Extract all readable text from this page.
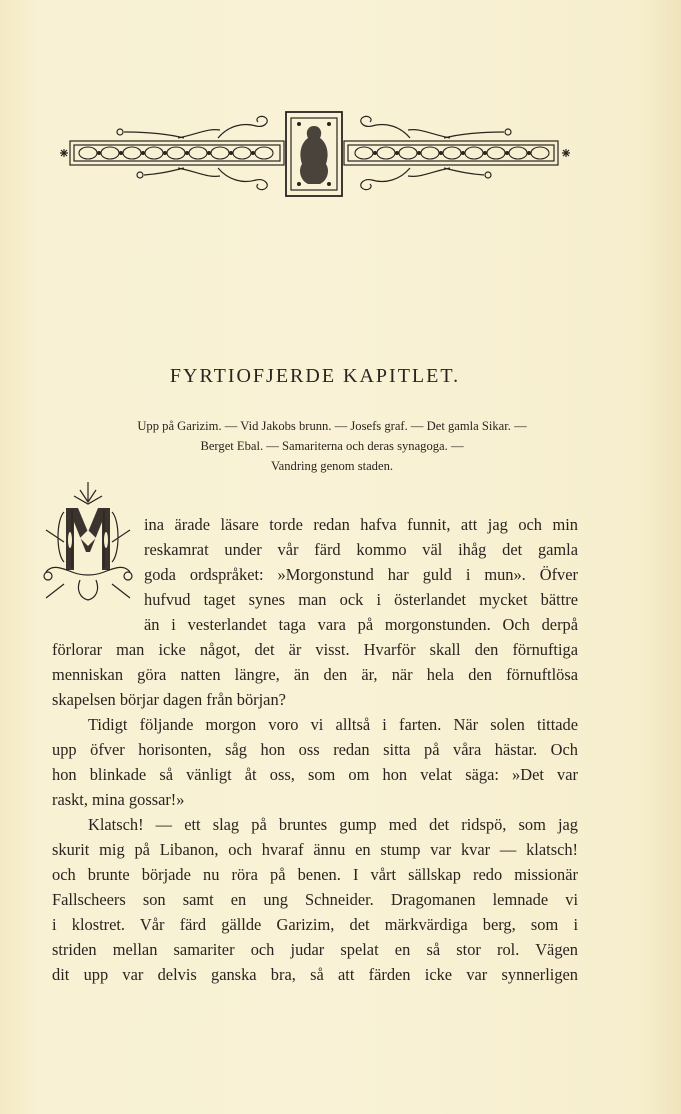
FYRTIOFJERDE KAPITLET.
Upp på Garizim. — Vid Jakobs brunn. — Josefs graf. — Det gamla Sikar. —
Berget Ebal. — Samariterna och deras synagoga. —
Vandring genom staden.
ina ärade läsare torde redan hafva funnit, att jag och min
reskamrat under vår färd kommo väl ihåg det gamla
goda ordspråket: »Morgonstund har guld i mun». Öfver
hufvud taget synes man ock i österlandet mycket bättre
än i vesterlandet taga vara på morgonstunden. Och derpå
förlorar man icke något, det är visst. Hvarför skall den förnuftiga
menniskan göra natten längre, än den är, när hela den förnuftlösa
skapelsen börjar dagen från början?
Tidigt följande morgon voro vi alltså i farten. När solen tittade
upp öfver horisonten, såg hon oss redan sitta på våra hästar. Och
hon blinkade så vänligt åt oss, som om hon velat säga: »Det var
raskt, mina gossar!»
Klatsch! — ett slag på bruntes gump med det ridspö, som jag
skurit mig på Libanon, och hvaraf ännu en stump var kvar — klatsch!
och brunte började nu röra på benen. I vårt sällskap redo missionär
Fallscheers son samt en ung Schneider. Dragomanen lemnade vi
i klostret. Vår färd gällde Garizim, det märkvärdiga berg, som i
striden mellan samariter och judar spelat en så stor rol. Vägen
dit upp var delvis ganska bra, så att färden icke var synnerligen
